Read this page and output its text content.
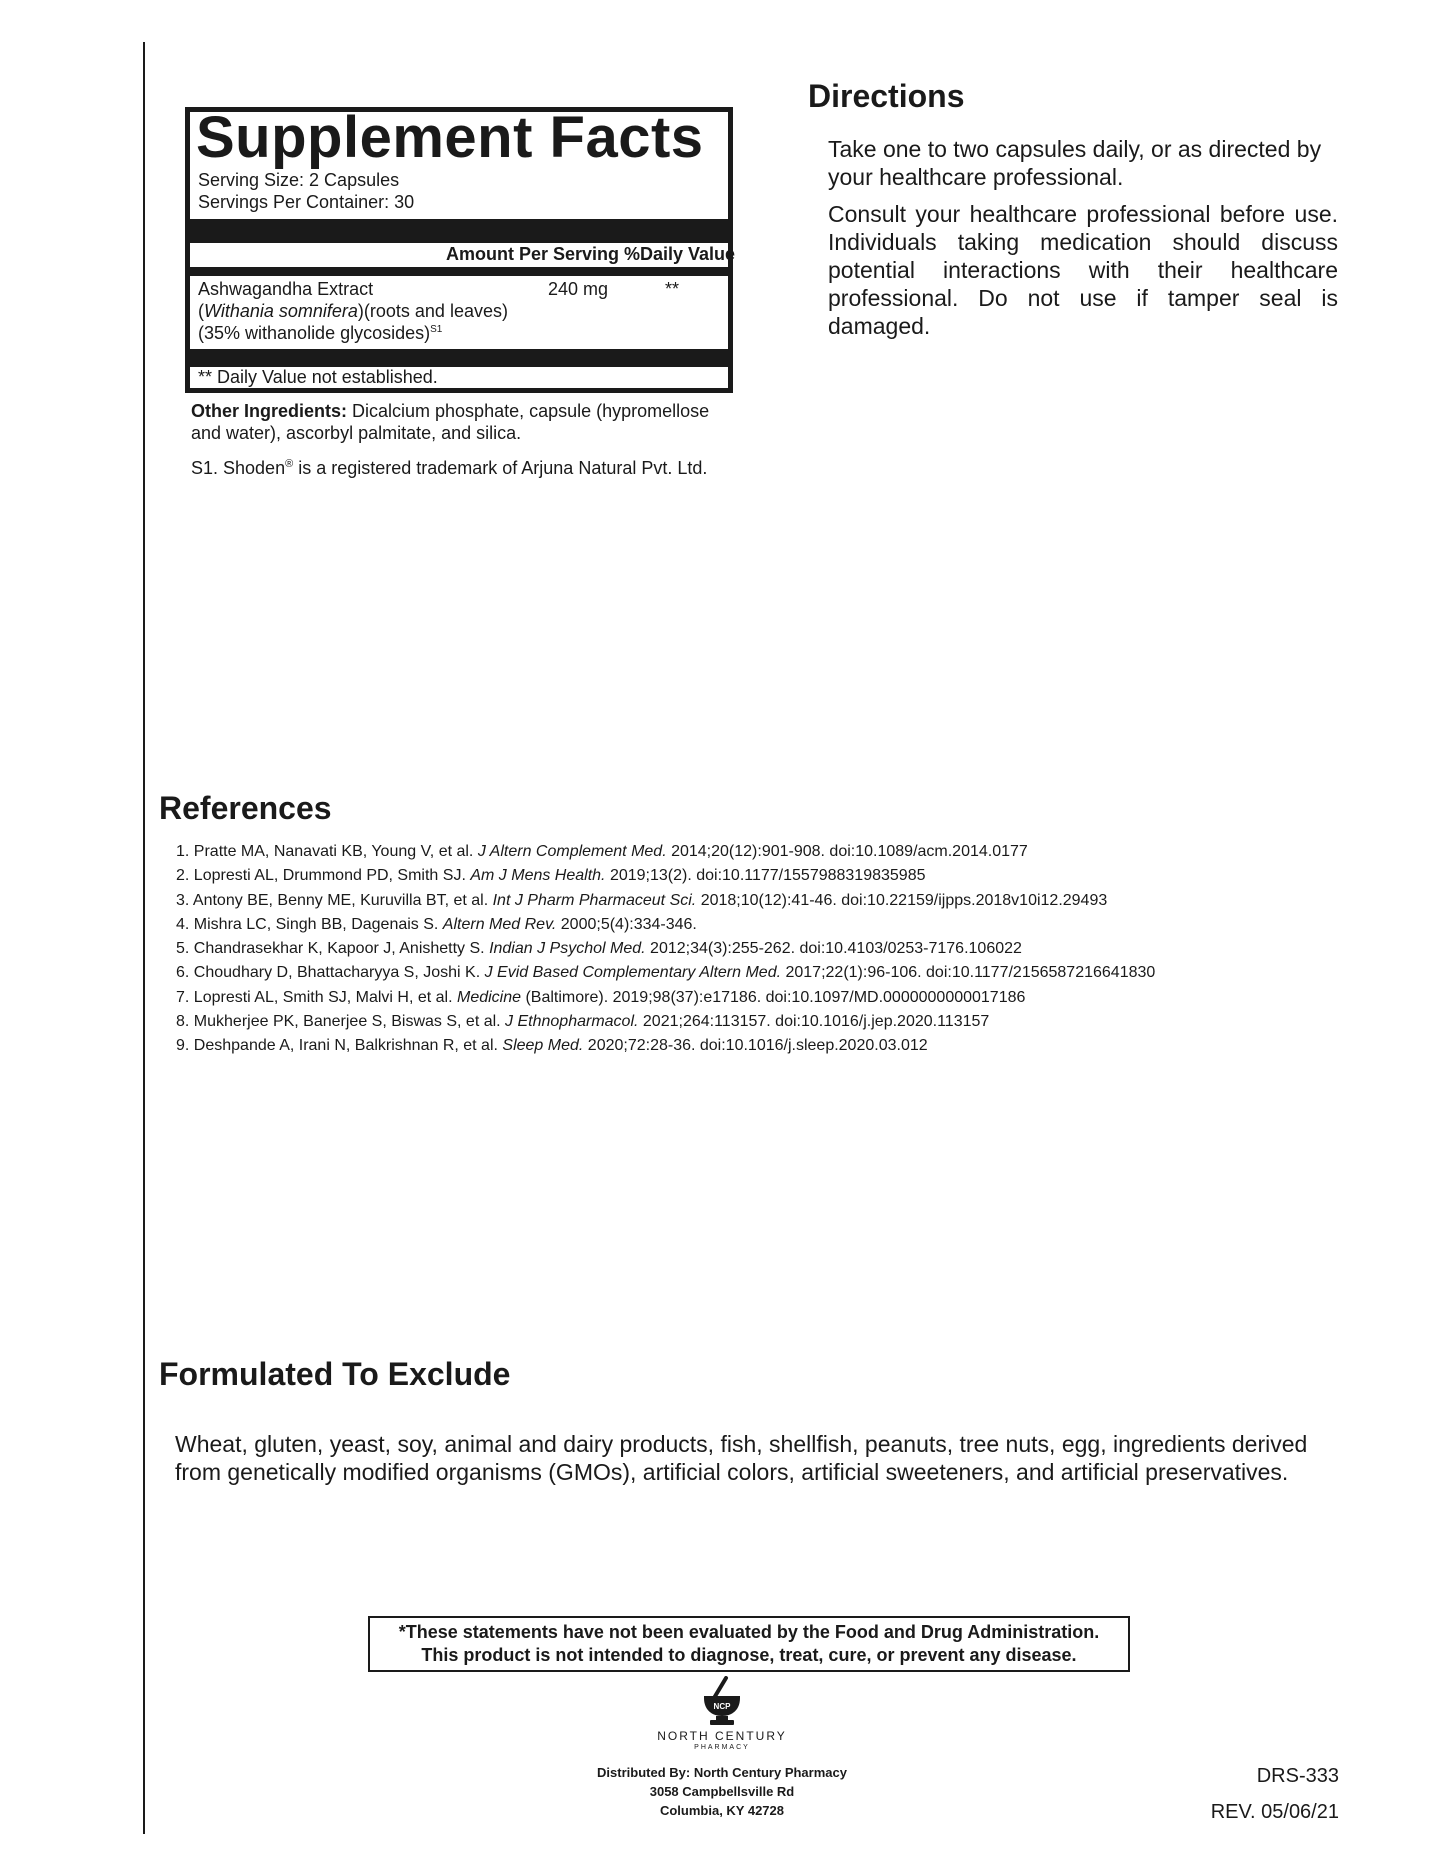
Supplement Facts
Serving Size: 2 Capsules
Servings Per Container: 30
Amount Per Serving %Daily Value
Ashwagandha Extract
(Withania somnifera)(roots and leaves)
(35% withanolide glycosides)$^{S1}$
240 mg	**
** Daily Value not established.
Other Ingredients: Dicalcium phosphate, capsule (hypromellose and water), ascorbyl palmitate, and silica.
S1. Shoden® is a registered trademark of Arjuna Natural Pvt. Ltd.
Directions
Take one to two capsules daily, or as directed by your healthcare professional.
Consult your healthcare professional before use. Individuals taking medication should discuss potential interactions with their healthcare professional. Do not use if tamper seal is damaged.
References
1. Pratte MA, Nanavati KB, Young V, et al. J Altern Complement Med. 2014;20(12):901-908. doi:10.1089/acm.2014.0177
2. Lopresti AL, Drummond PD, Smith SJ. Am J Mens Health. 2019;13(2). doi:10.1177/1557988319835985
3. Antony BE, Benny ME, Kuruvilla BT, et al. Int J Pharm Pharmaceut Sci. 2018;10(12):41-46. doi:10.22159/ijpps.2018v10i12.29493
4. Mishra LC, Singh BB, Dagenais S. Altern Med Rev. 2000;5(4):334-346.
5. Chandrasekhar K, Kapoor J, Anishetty S. Indian J Psychol Med. 2012;34(3):255-262. doi:10.4103/0253-7176.106022
6. Choudhary D, Bhattacharyya S, Joshi K. J Evid Based Complementary Altern Med. 2017;22(1):96-106. doi:10.1177/2156587216641830
7. Lopresti AL, Smith SJ, Malvi H, et al. Medicine (Baltimore). 2019;98(37):e17186. doi:10.1097/MD.0000000000017186
8. Mukherjee PK, Banerjee S, Biswas S, et al. J Ethnopharmacol. 2021;264:113157. doi:10.1016/j.jep.2020.113157
9. Deshpande A, Irani N, Balkrishnan R, et al. Sleep Med. 2020;72:28-36. doi:10.1016/j.sleep.2020.03.012
Formulated To Exclude
Wheat, gluten, yeast, soy, animal and dairy products, fish, shellfish, peanuts, tree nuts, egg, ingredients derived from genetically modified organisms (GMOs), artificial colors, artificial sweeteners, and artificial preservatives.
*These statements have not been evaluated by the Food and Drug Administration.
This product is not intended to diagnose, treat, cure, or prevent any disease.
NCP
NORTH CENTURY
PHARMACY
Distributed By: North Century Pharmacy
3058 Campbellsville Rd
Columbia, KY 42728
DRS-333
REV. 05/06/21
